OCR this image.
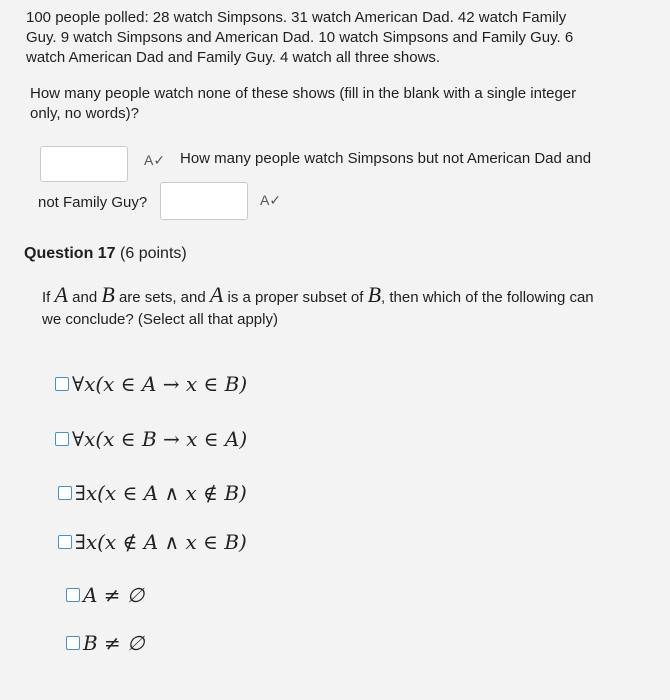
100 people polled: 28 watch Simpsons. 31 watch American Dad. 42 watch Family
Guy. 9 watch Simpsons and American Dad. 10 watch Simpsons and Family Guy. 6
watch American Dad and Family Guy. 4 watch all three shows.
How many people watch none of these shows (fill in the blank with a single integer
only, no words)?
A✓ How many people watch Simpsons but not American Dad and
not Family Guy?	A✓
Question 17 (6 points)
If A and B are sets, and A is a proper subset of B, then which of the following can
we conclude? (Select all that apply)
∀x(x ∈ A → x ∈ B)
∀x(x ∈ B → x ∈ A)
∃x(x ∈ A ∧ x ∉ B)
∃x(x ∉ A ∧ x ∈ B)
A ≠ ∅
B ≠ ∅
